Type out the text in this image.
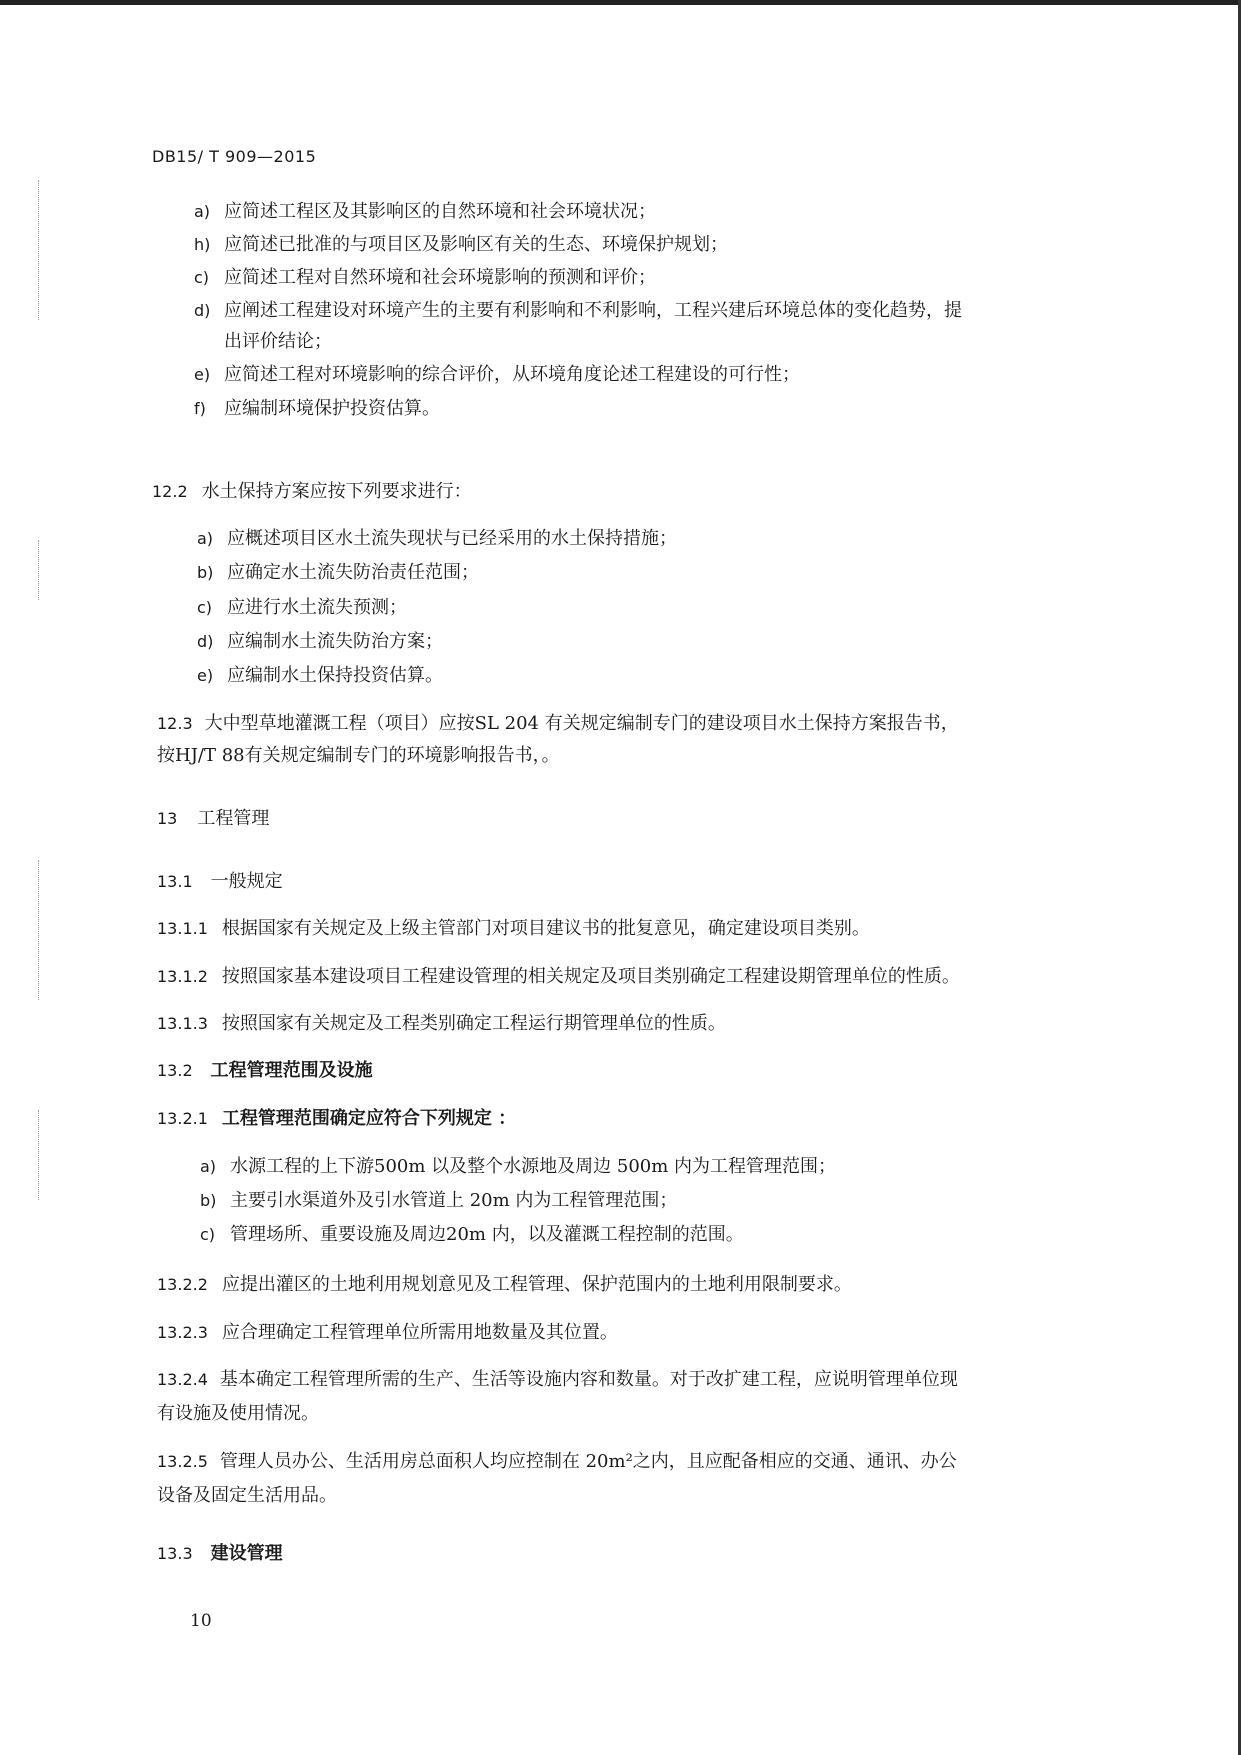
DB15/ T 909—2015
a) 应简述工程区及其影响区的自然环境和社会环境状况；
h) 应简述已批准的与项目区及影响区有关的生态、环境保护规划；
c) 应简述工程对自然环境和社会环境影响的预测和评价；
d) 应阐述工程建设对环境产生的主要有利影响和不利影响，工程兴建后环境总体的变化趋势，提
出评价结论；
e) 应简述工程对环境影响的综合评价，从环境角度论述工程建设的可行性；
f) 应编制环境保护投资估算。
12.2 水土保持方案应按下列要求进行：
a) 应概述项目区水土流失现状与已经采用的水土保持措施；
b) 应确定水土流失防治责任范围；
c) 应进行水土流失预测；
d) 应编制水土流失防治方案；
e) 应编制水土保持投资估算。
12.3 大中型草地灌溉工程（项目）应按SL 204 有关规定编制专门的建设项目水土保持方案报告书，
按HJ/T 88有关规定编制专门的环境影响报告书，。
13 工程管理
13.1 一般规定
13.1.1 根据国家有关规定及上级主管部门对项目建议书的批复意见，确定建设项目类别。
13.1.2 按照国家基本建设项目工程建设管理的相关规定及项目类别确定工程建设期管理单位的性质。
13.1.3 按照国家有关规定及工程类别确定工程运行期管理单位的性质。
13.2 工程管理范围及设施
13.2.1 工程管理范围确定应符合下列规定 ：
a) 水源工程的上下游500m 以及整个水源地及周边 500m 内为工程管理范围；
b) 主要引水渠道外及引水管道上 20m 内为工程管理范围；
c) 管理场所、重要设施及周边20m 内，以及灌溉工程控制的范围。
13.2.2 应提出灌区的土地利用规划意见及工程管理、保护范围内的土地利用限制要求。
13.2.3 应合理确定工程管理单位所需用地数量及其位置。
13.2.4 基本确定工程管理所需的生产、生活等设施内容和数量。对于改扩建工程，应说明管理单位现
有设施及使用情况。
13.2.5 管理人员办公、生活用房总面积人均应控制在 20m²之内，且应配备相应的交通、通讯、办公
设备及固定生活用品。
13.3 建设管理
10
